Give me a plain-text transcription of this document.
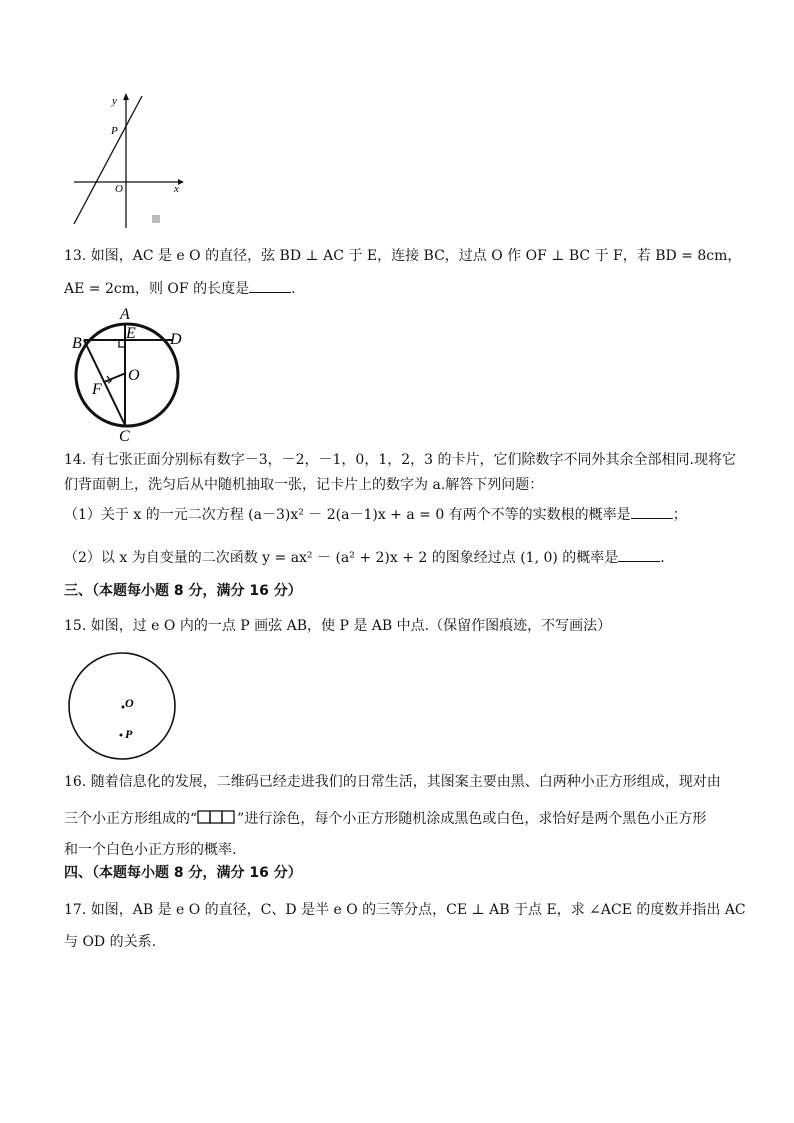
y
x
P
O
13. 如图，AC 是 e O 的直径，弦 BD ⊥ AC 于 E，连接 BC，过点 O 作 OF ⊥ BC 于 F，若 BD = 8cm，
AE = 2cm，则 OF 的长度是	.
A
B	D
E
F
O
C
14. 有七张正面分别标有数字－3，－2，－1，0，1，2，3 的卡片，它们除数字不同外其余全部相同.现将它
们背面朝上，洗匀后从中随机抽取一张，记卡片上的数字为 a.解答下列问题：
（1）关于 x 的一元二次方程 (a－3)x² － 2(a－1)x + a = 0 有两个不等的实数根的概率是	；
（2）以 x 为自变量的二次函数 y = ax² － (a² + 2)x + 2 的图象经过点 (1, 0) 的概率是	.
三、（本题每小题 8 分，满分 16 分）
15. 如图，过 e O 内的一点 P 画弦 AB，使 P 是 AB 中点.（保留作图痕迹，不写画法）
O
P
16. 随着信息化的发展，二维码已经走进我们的日常生活，其图案主要由黑、白两种小正方形组成，现对由
三个小正方形组成的“	”进行涂色，每个小正方形随机涂成黑色或白色，求恰好是两个黑色小正方形
和一个白色小正方形的概率.
四、（本题每小题 8 分，满分 16 分）
17. 如图，AB 是 e O 的直径，C、D 是半 e O 的三等分点，CE ⊥ AB 于点 E，求 ∠ACE 的度数并指出 AC
与 OD 的关系.
